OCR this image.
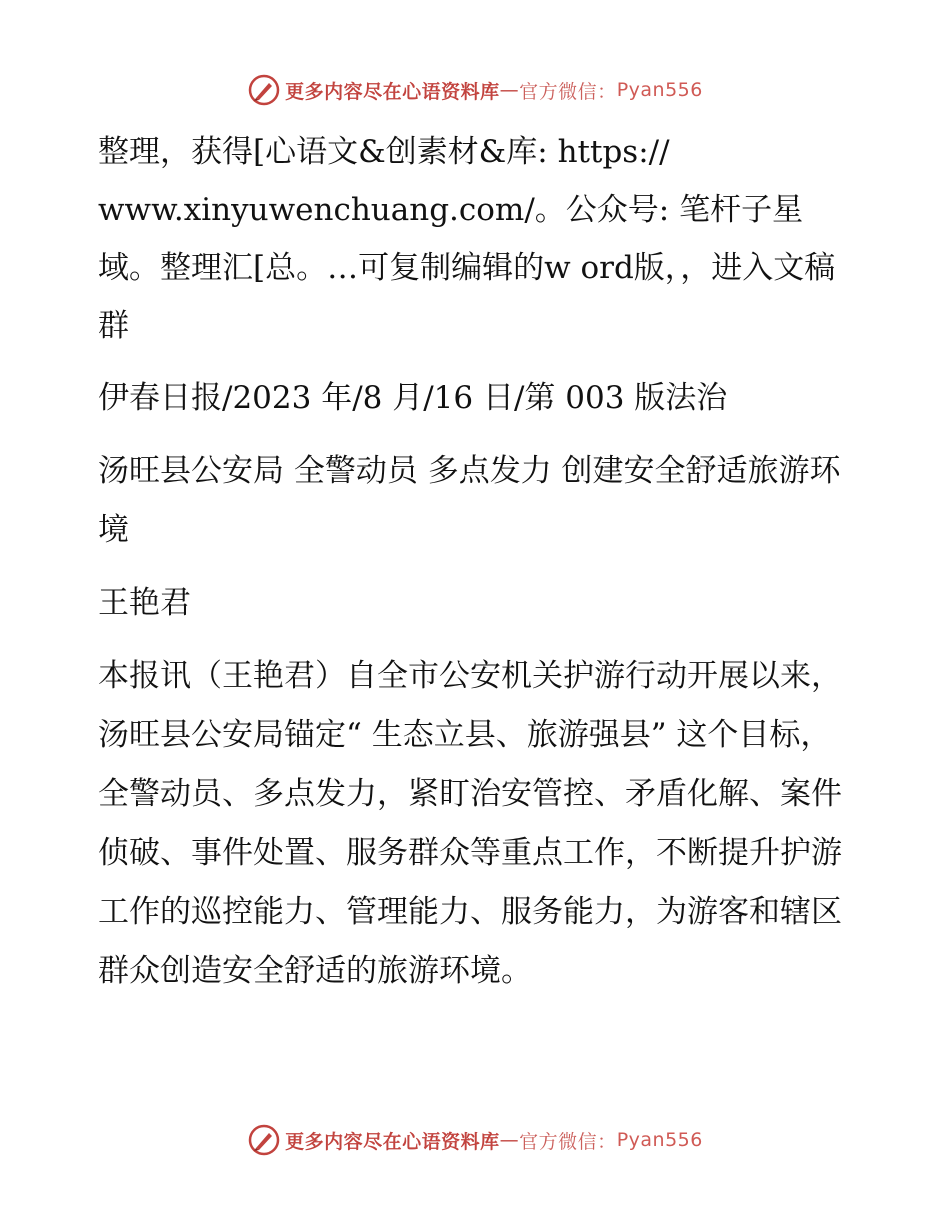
更多内容尽在心语资料库 — 官方微信： Pyan556
整理，获得[心语文&创素材&库: https:// www.xinyuwenchuang.com/。公众号: 笔杆子星域。整理汇[总。…可复制编辑的w ord版，，进入文稿群
伊春日报/2023 年/8 月/16 日/第 003 版法治
汤旺县公安局 全警动员 多点发力 创建安全舒适旅游环境
王艳君
本报讯（王艳君）自全市公安机关护游行动开展以来，汤旺县公安局锚定“ 生态立县、旅游强县” 这个目标，全警动员、多点发力，紧盯治安管控、矛盾化解、案件侦破、事件处置、服务群众等重点工作，不断提升护游工作的巡控能力、管理能力、服务能力，为游客和辖区群众创造安全舒适的旅游环境。
更多内容尽在心语资料库 — 官方微信： Pyan556
